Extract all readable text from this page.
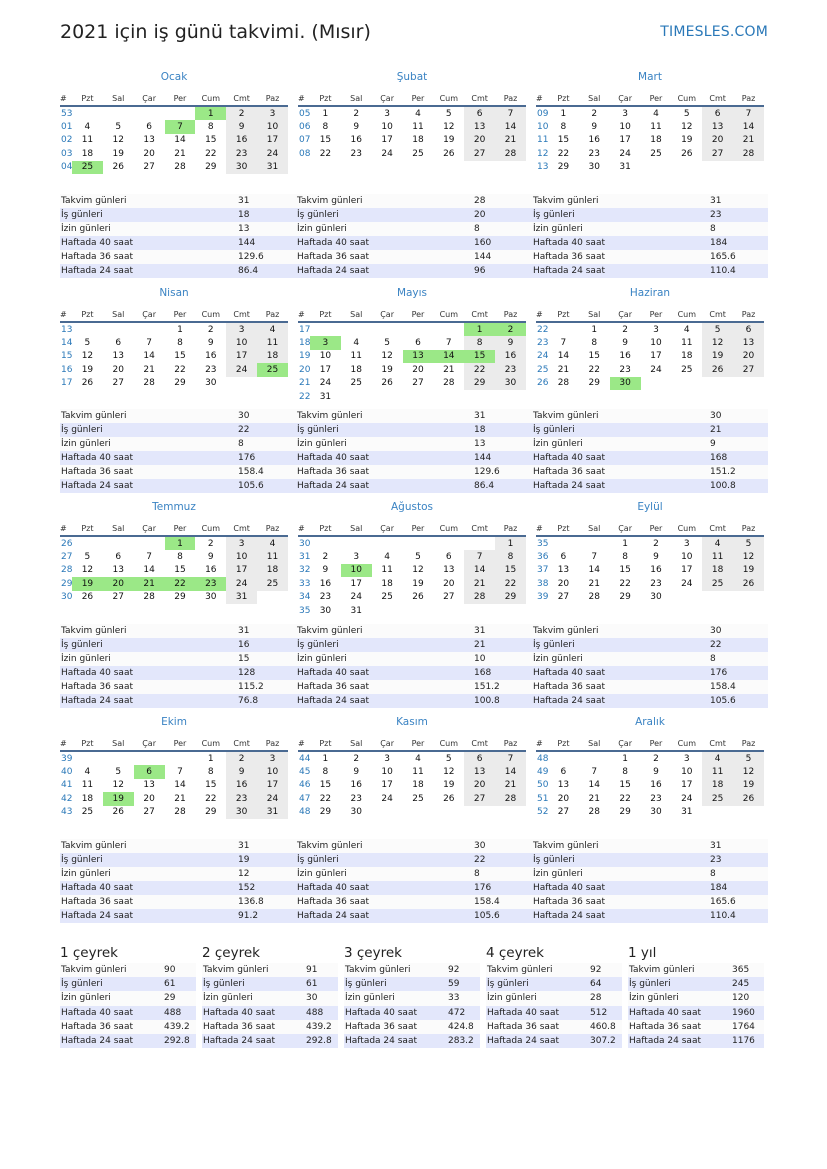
2021 için iş günü takvimi. (Mısır)	TIMESLES.COM
Ocak
#	Pzt	Sal	Çar	Per	Cum	Cmt	Paz
53					1	2	3
01	4	5	6	7	8	9	10
02	11	12	13	14	15	16	17
03	18	19	20	21	22	23	24
04	25	26	27	28	29	30	31
Takvim günleri	31
İş günleri	18
İzin günleri	13
Haftada 40 saat	144
Haftada 36 saat	129.6
Haftada 24 saat	86.4
Şubat
#	Pzt	Sal	Çar	Per	Cum	Cmt	Paz
05	1	2	3	4	5	6	7
06	8	9	10	11	12	13	14
07	15	16	17	18	19	20	21
08	22	23	24	25	26	27	28
Takvim günleri	28
İş günleri	20
İzin günleri	8
Haftada 40 saat	160
Haftada 36 saat	144
Haftada 24 saat	96
Mart
#	Pzt	Sal	Çar	Per	Cum	Cmt	Paz
09	1	2	3	4	5	6	7
10	8	9	10	11	12	13	14
11	15	16	17	18	19	20	21
12	22	23	24	25	26	27	28
13	29	30	31				
Takvim günleri	31
İş günleri	23
İzin günleri	8
Haftada 40 saat	184
Haftada 36 saat	165.6
Haftada 24 saat	110.4
Nisan
#	Pzt	Sal	Çar	Per	Cum	Cmt	Paz
13				1	2	3	4
14	5	6	7	8	9	10	11
15	12	13	14	15	16	17	18
16	19	20	21	22	23	24	25
17	26	27	28	29	30		
Takvim günleri	30
İş günleri	22
İzin günleri	8
Haftada 40 saat	176
Haftada 36 saat	158.4
Haftada 24 saat	105.6
Mayıs
#	Pzt	Sal	Çar	Per	Cum	Cmt	Paz
17						1	2
18	3	4	5	6	7	8	9
19	10	11	12	13	14	15	16
20	17	18	19	20	21	22	23
21	24	25	26	27	28	29	30
22	31						
Takvim günleri	31
İş günleri	18
İzin günleri	13
Haftada 40 saat	144
Haftada 36 saat	129.6
Haftada 24 saat	86.4
Haziran
#	Pzt	Sal	Çar	Per	Cum	Cmt	Paz
22		1	2	3	4	5	6
23	7	8	9	10	11	12	13
24	14	15	16	17	18	19	20
25	21	22	23	24	25	26	27
26	28	29	30				
Takvim günleri	30
İş günleri	21
İzin günleri	9
Haftada 40 saat	168
Haftada 36 saat	151.2
Haftada 24 saat	100.8
Temmuz
#	Pzt	Sal	Çar	Per	Cum	Cmt	Paz
26				1	2	3	4
27	5	6	7	8	9	10	11
28	12	13	14	15	16	17	18
29	19	20	21	22	23	24	25
30	26	27	28	29	30	31	
Takvim günleri	31
İş günleri	16
İzin günleri	15
Haftada 40 saat	128
Haftada 36 saat	115.2
Haftada 24 saat	76.8
Ağustos
#	Pzt	Sal	Çar	Per	Cum	Cmt	Paz
30							1
31	2	3	4	5	6	7	8
32	9	10	11	12	13	14	15
33	16	17	18	19	20	21	22
34	23	24	25	26	27	28	29
35	30	31					
Takvim günleri	31
İş günleri	21
İzin günleri	10
Haftada 40 saat	168
Haftada 36 saat	151.2
Haftada 24 saat	100.8
Eylül
#	Pzt	Sal	Çar	Per	Cum	Cmt	Paz
35			1	2	3	4	5
36	6	7	8	9	10	11	12
37	13	14	15	16	17	18	19
38	20	21	22	23	24	25	26
39	27	28	29	30			
Takvim günleri	30
İş günleri	22
İzin günleri	8
Haftada 40 saat	176
Haftada 36 saat	158.4
Haftada 24 saat	105.6
Ekim
#	Pzt	Sal	Çar	Per	Cum	Cmt	Paz
39					1	2	3
40	4	5	6	7	8	9	10
41	11	12	13	14	15	16	17
42	18	19	20	21	22	23	24
43	25	26	27	28	29	30	31
Takvim günleri	31
İş günleri	19
İzin günleri	12
Haftada 40 saat	152
Haftada 36 saat	136.8
Haftada 24 saat	91.2
Kasım
#	Pzt	Sal	Çar	Per	Cum	Cmt	Paz
44	1	2	3	4	5	6	7
45	8	9	10	11	12	13	14
46	15	16	17	18	19	20	21
47	22	23	24	25	26	27	28
48	29	30					
Takvim günleri	30
İş günleri	22
İzin günleri	8
Haftada 40 saat	176
Haftada 36 saat	158.4
Haftada 24 saat	105.6
Aralık
#	Pzt	Sal	Çar	Per	Cum	Cmt	Paz
48			1	2	3	4	5
49	6	7	8	9	10	11	12
50	13	14	15	16	17	18	19
51	20	21	22	23	24	25	26
52	27	28	29	30	31		
Takvim günleri	31
İş günleri	23
İzin günleri	8
Haftada 40 saat	184
Haftada 36 saat	165.6
Haftada 24 saat	110.4
1 çeyrek
Takvim günleri	90
İş günleri	61
İzin günleri	29
Haftada 40 saat	488
Haftada 36 saat	439.2
Haftada 24 saat	292.8
2 çeyrek
Takvim günleri	91
İş günleri	61
İzin günleri	30
Haftada 40 saat	488
Haftada 36 saat	439.2
Haftada 24 saat	292.8
3 çeyrek
Takvim günleri	92
İş günleri	59
İzin günleri	33
Haftada 40 saat	472
Haftada 36 saat	424.8
Haftada 24 saat	283.2
4 çeyrek
Takvim günleri	92
İş günleri	64
İzin günleri	28
Haftada 40 saat	512
Haftada 36 saat	460.8
Haftada 24 saat	307.2
1 yıl
Takvim günleri	365
İş günleri	245
İzin günleri	120
Haftada 40 saat	1960
Haftada 36 saat	1764
Haftada 24 saat	1176
